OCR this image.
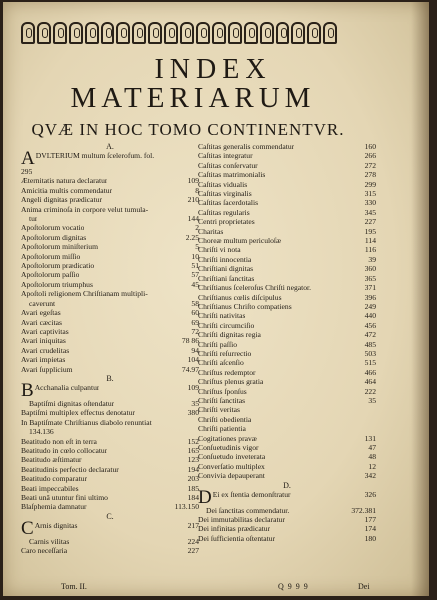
INDEX
MATERIARUM
QVÆ IN HOC TOMO CONTINENTVR.
A.
ADVLTERIUM multum ſcelerofum. fol.
295
Æternitatis natura declaratur	109
Amicitia multis commendatur	8
Angeli dignitas prædicatur	210
Anima criminoſa in corpore velut tumula-
tur	144
Apoſtolorum vocatio	2
Apoſtolorum dignitas	2.25
Apoſtolorum miniſterium	5
Apoſtolorum miſſio	10
Apoſtolorum prædicatio	51
Apoſtolorum paſſio	57
Apoſtolorum triumphus	45
Apoſtoli religionem Chriſtianam multipli-
caverunt	58
Avari egeſtas	60
Avari cæcitas	69
Avari captivitas	72
Avari iniquitas	78 86
Avari crudelitas	94
Avari impietas	104
Avari ſupplicium	74.97
B.
B Acchanalia culpantur	109
Baptiſmi dignitas oſtendatur	35
Baptiſmi multiplex effectus denotatur	380
In Baptiſmate Chriſtianus diabolo renuntiat
134.136
Beatitudo non eſt in terra	152
Beatitudo in cœlo collocatur	165
Beatitudo æſtimatur	123
Beatitudinis perfectio declaratur	194
Beatitudo comparatur	203
Beati impeccabiles	185
Beati unâ utuntur fini ultimo	184
Blaſphemia damnatur	113.150
C.
C Arnis dignitas	217
Carnis vilitas	224
Caro neceſſaria	227
Caſtitas generalis commendatur	160
Caſtitas integratur	266
Caſtitas conſervatur	272
Caſtitas matrimonialis	278
Caſtitas vidualis	299
Caſtitas virginalis	315
Caſtitas ſacerdotalis	330
Caſtitas regularis	345
Centri proprietates	227
Charitas	195
Choreæ multum periculoſæ	114
Chriſti vi nota	116
Chriſti innocentia	39
Chriſtiani dignitas	360
Chriſtiani ſanctitas	365
Chriſtianus ſceleroſus Chriſti negator.	371
Chriſtianus cœlis diſcipulus	396
Chriſtianus Chriſto compatiens	249
Chriſti nativitas	440
Chriſti circumciſio	456
Chriſti dignitas regia	472
Chriſti paſſio	485
Chriſti reſurrectio	503
Chriſti aſcenſio	515
Chriſtus redemptor	466
Chriſtus plenus gratia	464
Chriſtus ſponſus	222
Chriſti ſanctitas	35
Chriſti veritas
Chriſti obedientia
Chriſti patientia
Cogitationes pravæ	131
Conſuetudinis vigor	47
Conſuetudo inveterata	48
Converſatio multiplex	12
Convivia depauperant	342
D.
D Ei ex ſtentia demonſtratur	326
Dei ſanctitas commendatur.	372.381
Dei immutabilitas declaratur	177
Dei infinitas prædicatur	174
Dei ſufficientia oſtentatur	180
Tom. II.	Q 9 9 9	Dei
